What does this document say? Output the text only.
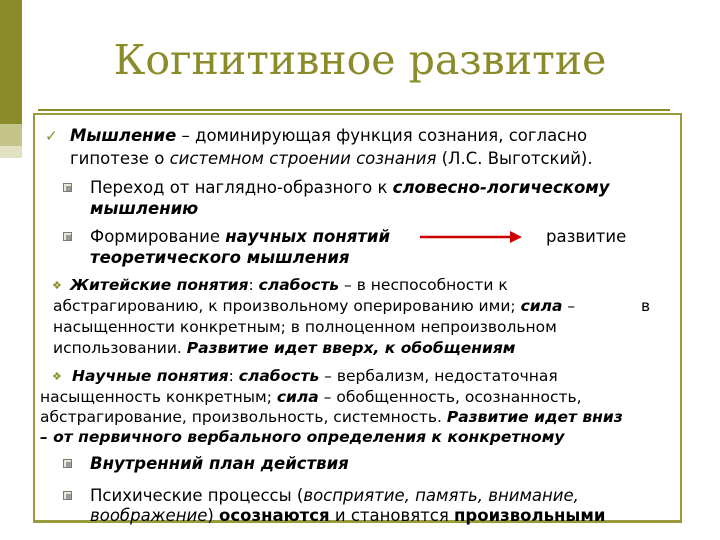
Когнитивное развитие
✓ Мышление – доминирующая функция сознания, согласно
гипотезе о системном строении сознания (Л.С. Выготский).
Переход от наглядно-образного к словесно-логическому
мышлению
Формирование научных понятий	развитие
теоретического мышления
❖ Житейские понятия: слабость – в неспособности к
абстрагированию, к произвольному оперированию ими; сила –	в
насыщенности конкретным; в полноценном непроизвольном
использовании. Развитие идет вверх, к обобщениям
❖ Научные понятия: слабость – вербализм, недостаточная
насыщенность конкретным; сила – обобщенность, осознанность,
абстрагирование, произвольность, системность. Развитие идет вниз
– от первичного вербального определения к конкретному
Внутренний план действия
Психические процессы (восприятие, память, внимание,
воображение) осознаются и становятся произвольными
